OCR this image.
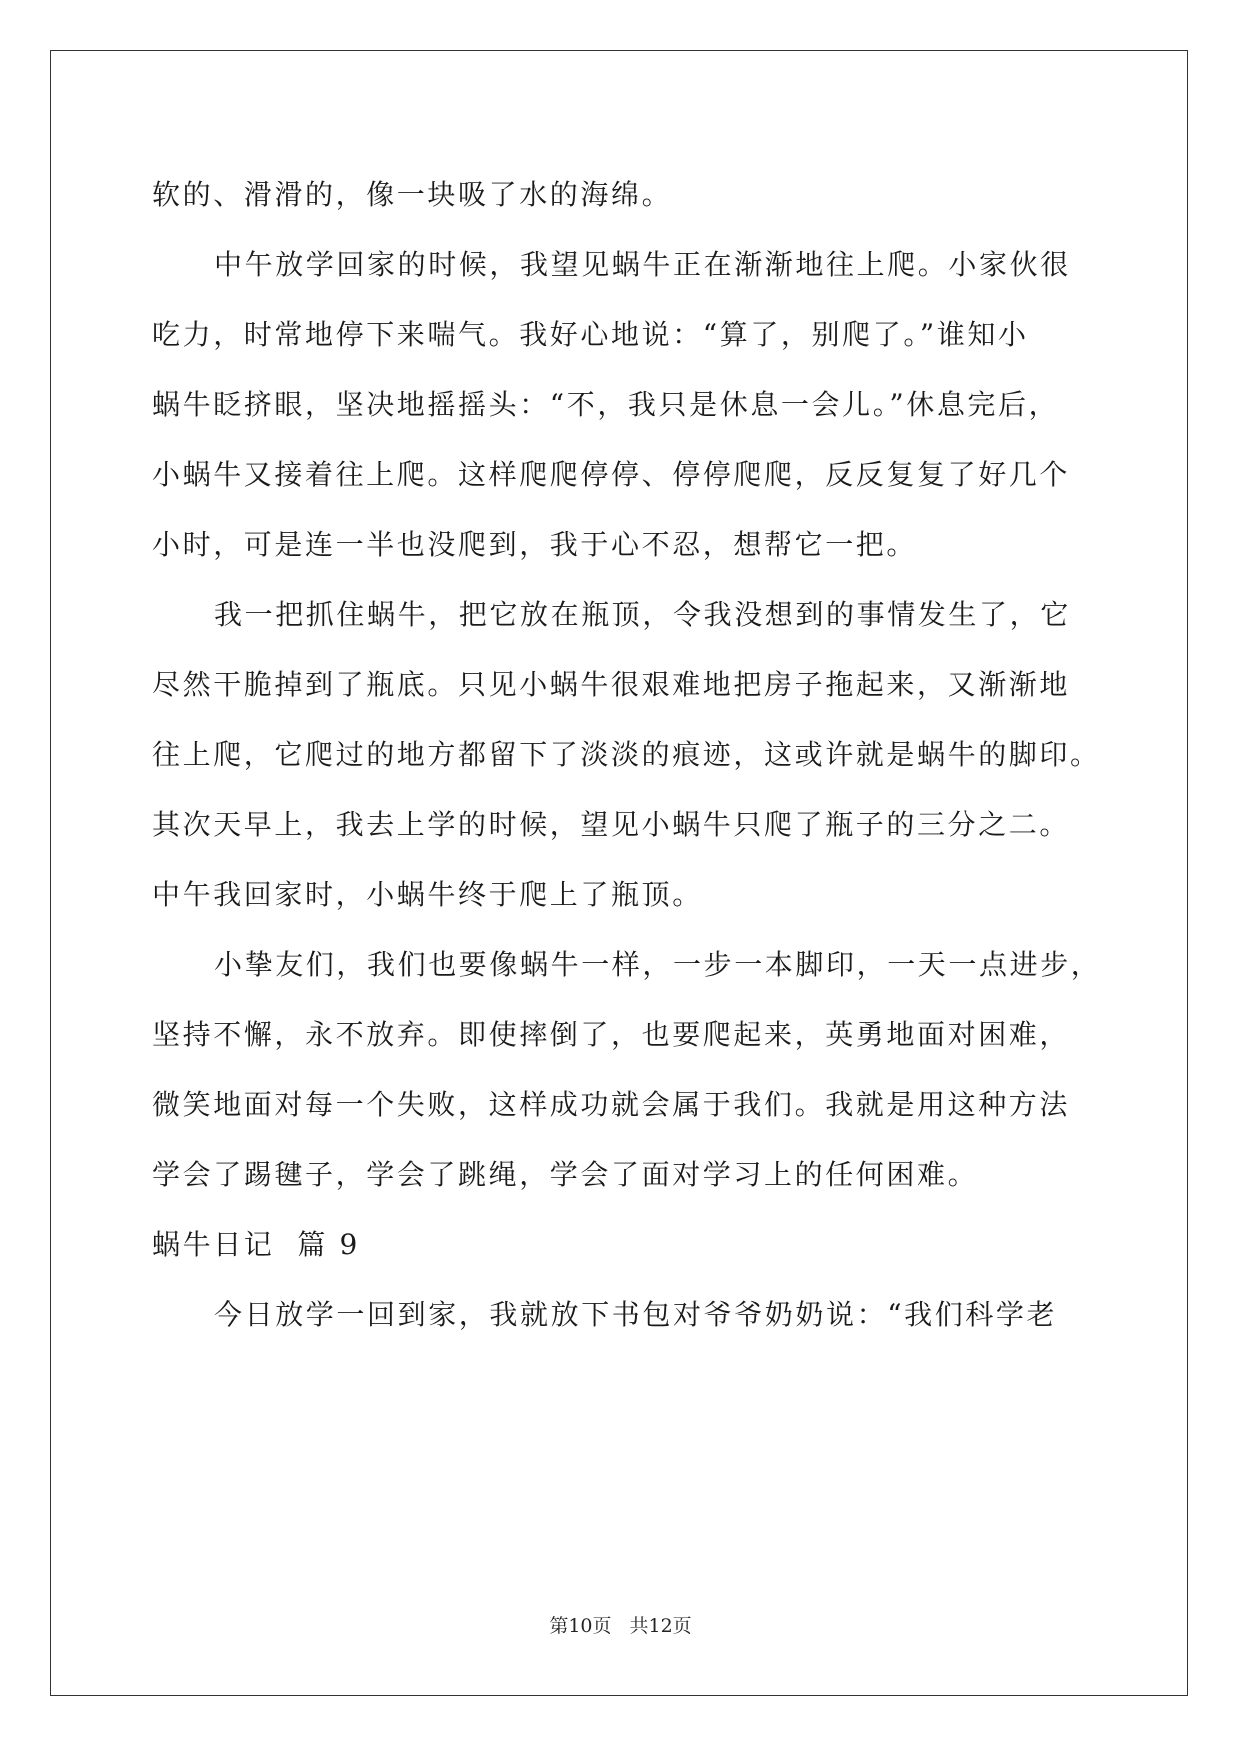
软的、滑滑的，像一块吸了水的海绵。
中午放学回家的时候，我望见蜗牛正在渐渐地往上爬。小家伙很
吃力，时常地停下来喘气。我好心地说：“算了，别爬了。”谁知小
蜗牛眨挤眼，坚决地摇摇头：“不，我只是休息一会儿。”休息完后，
小蜗牛又接着往上爬。这样爬爬停停、停停爬爬，反反复复了好几个
小时，可是连一半也没爬到，我于心不忍，想帮它一把。
我一把抓住蜗牛，把它放在瓶顶，令我没想到的事情发生了，它
尽然干脆掉到了瓶底。只见小蜗牛很艰难地把房子拖起来，又渐渐地
往上爬，它爬过的地方都留下了淡淡的痕迹，这或许就是蜗牛的脚印。
其次天早上，我去上学的时候，望见小蜗牛只爬了瓶子的三分之二。
中午我回家时，小蜗牛终于爬上了瓶顶。
小挚友们，我们也要像蜗牛一样，一步一本脚印，一天一点进步，
坚持不懈，永不放弃。即使摔倒了，也要爬起来，英勇地面对困难，
微笑地面对每一个失败，这样成功就会属于我们。我就是用这种方法
学会了踢毽子，学会了跳绳，学会了面对学习上的任何困难。
蜗牛日记  篇 9
今日放学一回到家，我就放下书包对爷爷奶奶说：“我们科学老
第10页 共12页
